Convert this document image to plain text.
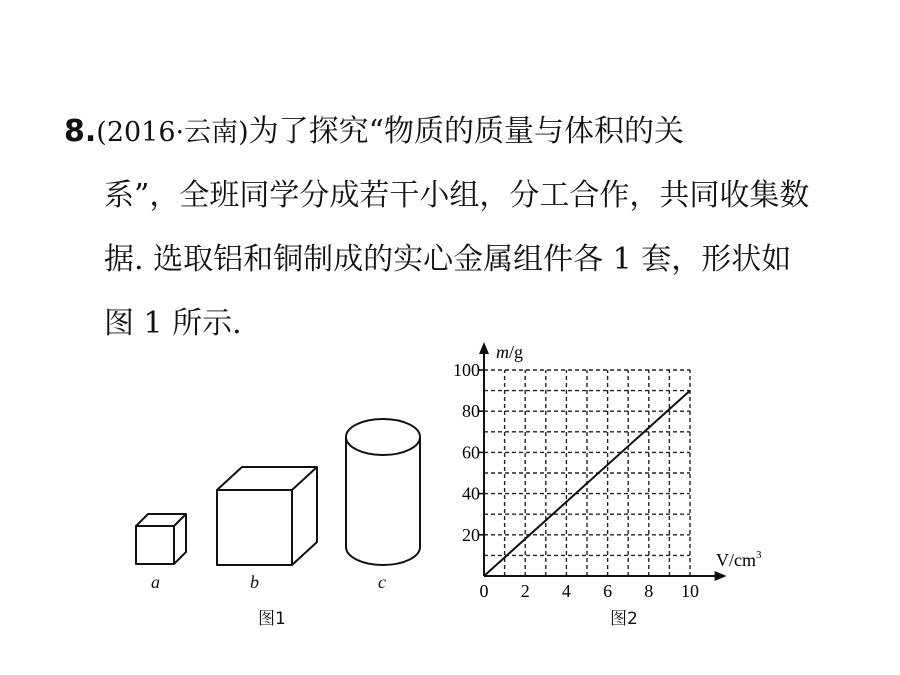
8.(2016·云南)为了探究“物质的质量与体积的关
系”，全班同学分成若干小组，分工合作，共同收集数
据. 选取铝和铜制成的实心金属组件各 1 套，形状如
图 1 所示.
a	b	c
图1
0 2 4 6 8 10
20
40
60
80
100
m/g
$V/cm^3$
图2
